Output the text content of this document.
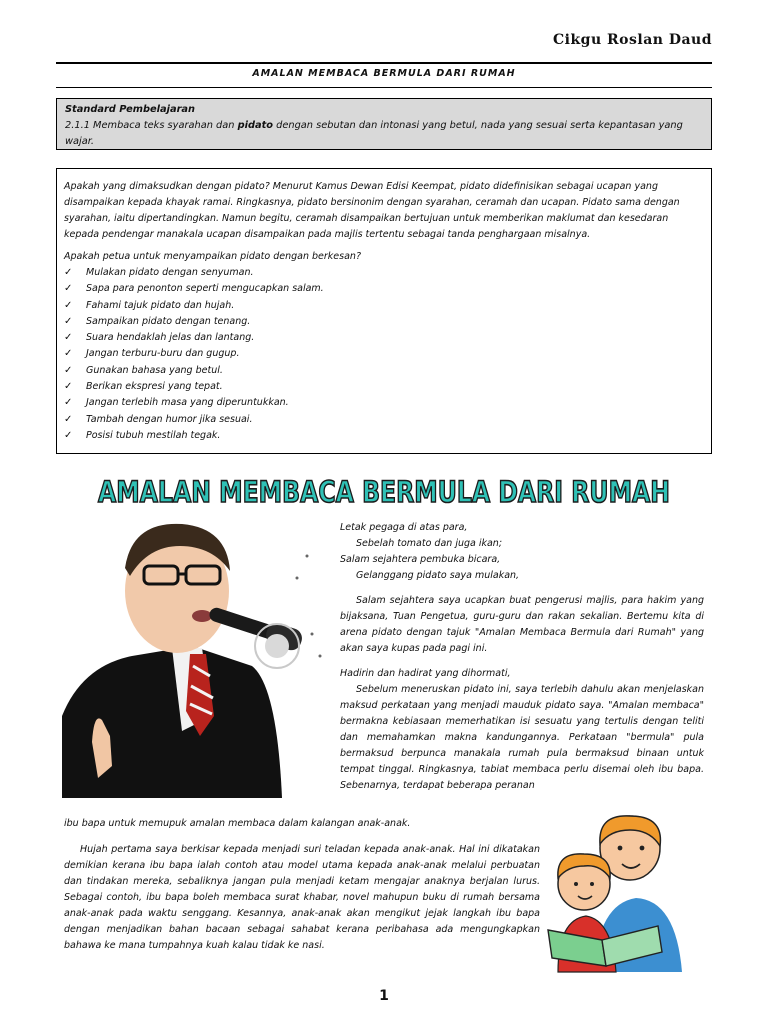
Cikgu Roslan Daud
AMALAN MEMBACA BERMULA DARI RUMAH
Standard Pembelajaran
2.1.1 Membaca teks syarahan dan pidato dengan sebutan dan intonasi yang betul, nada yang sesuai serta kepantasan yang wajar.

Apakah yang dimaksudkan dengan pidato? Menurut Kamus Dewan Edisi Keempat, pidato didefinisikan sebagai ucapan yang disampaikan kepada khayak ramai. Ringkasnya, pidato bersinonim dengan syarahan, ceramah dan ucapan. Pidato sama dengan syarahan, iaitu dipertandingkan. Namun begitu, ceramah disampaikan bertujuan untuk memberikan maklumat dan kesedaran kepada pendengar manakala ucapan disampaikan pada majlis tertentu sebagai tanda penghargaan misalnya.

Apakah petua untuk menyampaikan pidato dengan berkesan?

✓ Mulakan pidato dengan senyuman.
✓ Sapa para penonton seperti mengucapkan salam.
✓ Fahami tajuk pidato dan hujah.
✓ Sampaikan pidato dengan tenang.
✓ Suara hendaklah jelas dan lantang.
✓ Jangan terburu-buru dan gugup.
✓ Gunakan bahasa yang betul.
✓ Berikan ekspresi yang tepat.
✓ Jangan terlebih masa yang diperuntukkan.
✓ Tambah dengan humor jika sesuai.
✓ Posisi tubuh mestilah tegak.
AMALAN MEMBACA BERMULA DARI RUMAH

Letak pegaga di atas para,

Sebelah tomato dan juga ikan;

Salam sejahtera pembuka bicara,

Gelanggang pidato saya mulakan,

Salam sejahtera saya ucapkan buat pengerusi majlis, para hakim yang bijaksana, Tuan Pengetua, guru-guru dan rakan sekalian. Bertemu kita di arena pidato dengan tajuk "Amalan Membaca Bermula dari Rumah" yang akan saya kupas pada pagi ini.

Hadirin dan hadirat yang dihormati,

Sebelum meneruskan pidato ini, saya terlebih dahulu akan menjelaskan maksud perkataan yang menjadi mauduk pidato saya. "Amalan membaca" bermakna kebiasaan memerhatikan isi sesuatu yang tertulis dengan teliti dan memahamkan makna kandungannya. Perkataan "bermula" pula bermaksud berpunca manakala rumah pula bermaksud binaan untuk tempat tinggal. Ringkasnya, tabiat membaca perlu disemai oleh ibu bapa. Sebenarnya, terdapat beberapa peranan

ibu bapa untuk memupuk amalan membaca dalam kalangan anak-anak.

Hujah pertama saya berkisar kepada menjadi suri teladan kepada anak-anak. Hal ini dikatakan demikian kerana ibu bapa ialah contoh atau model utama kepada anak-anak melalui perbuatan dan tindakan mereka, sebaliknya jangan pula menjadi ketam mengajar anaknya berjalan lurus. Sebagai contoh, ibu bapa boleh membaca surat khabar, novel mahupun buku di rumah bersama anak-anak pada waktu senggang. Kesannya, anak-anak akan mengikut jejak langkah ibu bapa dengan menjadikan bahan bacaan sebagai sahabat kerana peribahasa ada mengungkapkan bahawa ke mana tumpahnya kuah kalau tidak ke nasi.

1
